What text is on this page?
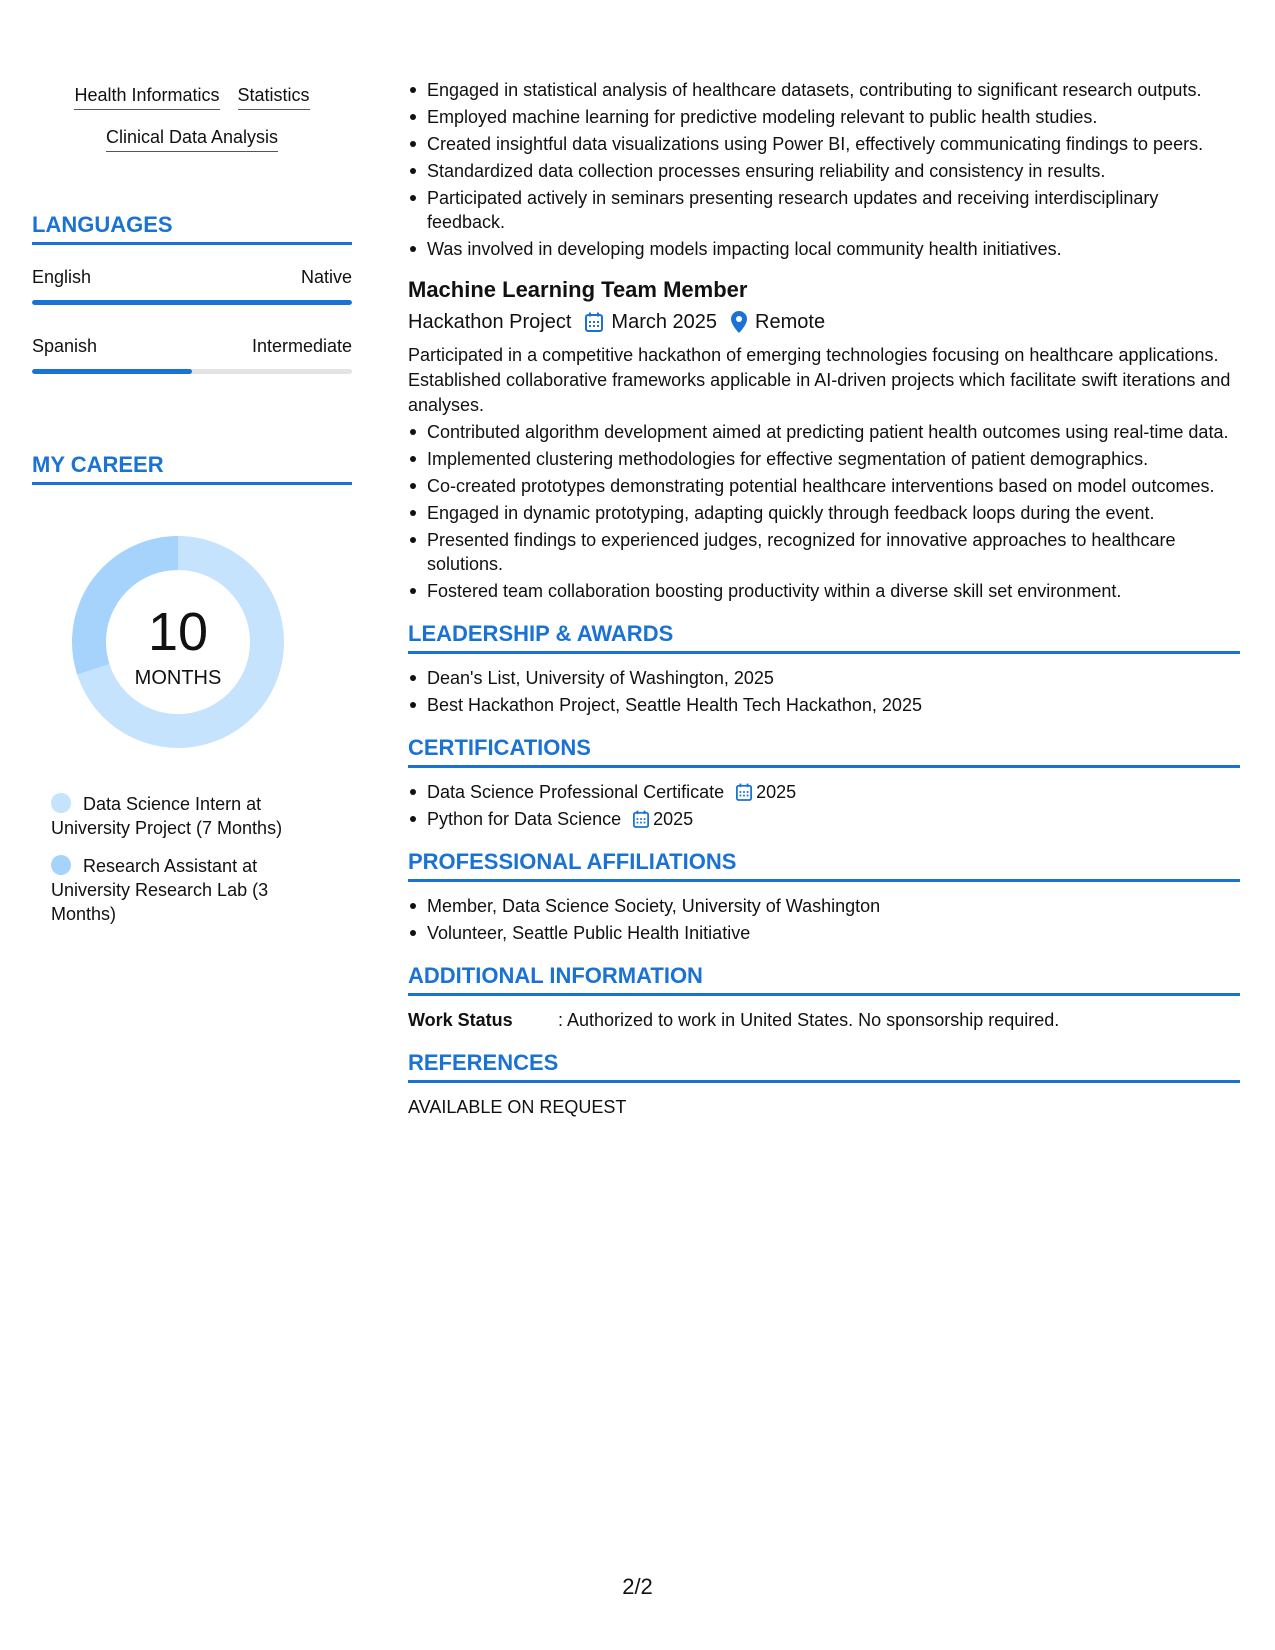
Health Informatics Statistics
Clinical Data Analysis
LANGUAGES
English	Native
Spanish	Intermediate
MY CAREER
10
MONTHS
Data Science Intern at University Project (7 Months)
Research Assistant at University Research Lab (3 Months)
Engaged in statistical analysis of healthcare datasets, contributing to significant research outputs.
Employed machine learning for predictive modeling relevant to public health studies.
Created insightful data visualizations using Power BI, effectively communicating findings to peers.
Standardized data collection processes ensuring reliability and consistency in results.
Participated actively in seminars presenting research updates and receiving interdisciplinary feedback.
Was involved in developing models impacting local community health initiatives.
Machine Learning Team Member
Hackathon Project March 2025 Remote
Participated in a competitive hackathon of emerging technologies focusing on healthcare applications. Established collaborative frameworks applicable in AI-driven projects which facilitate swift iterations and analyses.
Contributed algorithm development aimed at predicting patient health outcomes using real-time data.
Implemented clustering methodologies for effective segmentation of patient demographics.
Co-created prototypes demonstrating potential healthcare interventions based on model outcomes.
Engaged in dynamic prototyping, adapting quickly through feedback loops during the event.
Presented findings to experienced judges, recognized for innovative approaches to healthcare solutions.
Fostered team collaboration boosting productivity within a diverse skill set environment.
LEADERSHIP & AWARDS
Dean's List, University of Washington, 2025
Best Hackathon Project, Seattle Health Tech Hackathon, 2025
CERTIFICATIONS
Data Science Professional Certificate 2025
Python for Data Science 2025
PROFESSIONAL AFFILIATIONS
Member, Data Science Society, University of Washington
Volunteer, Seattle Public Health Initiative
ADDITIONAL INFORMATION
Work Status	: Authorized to work in United States. No sponsorship required.
REFERENCES
AVAILABLE ON REQUEST
2/2
